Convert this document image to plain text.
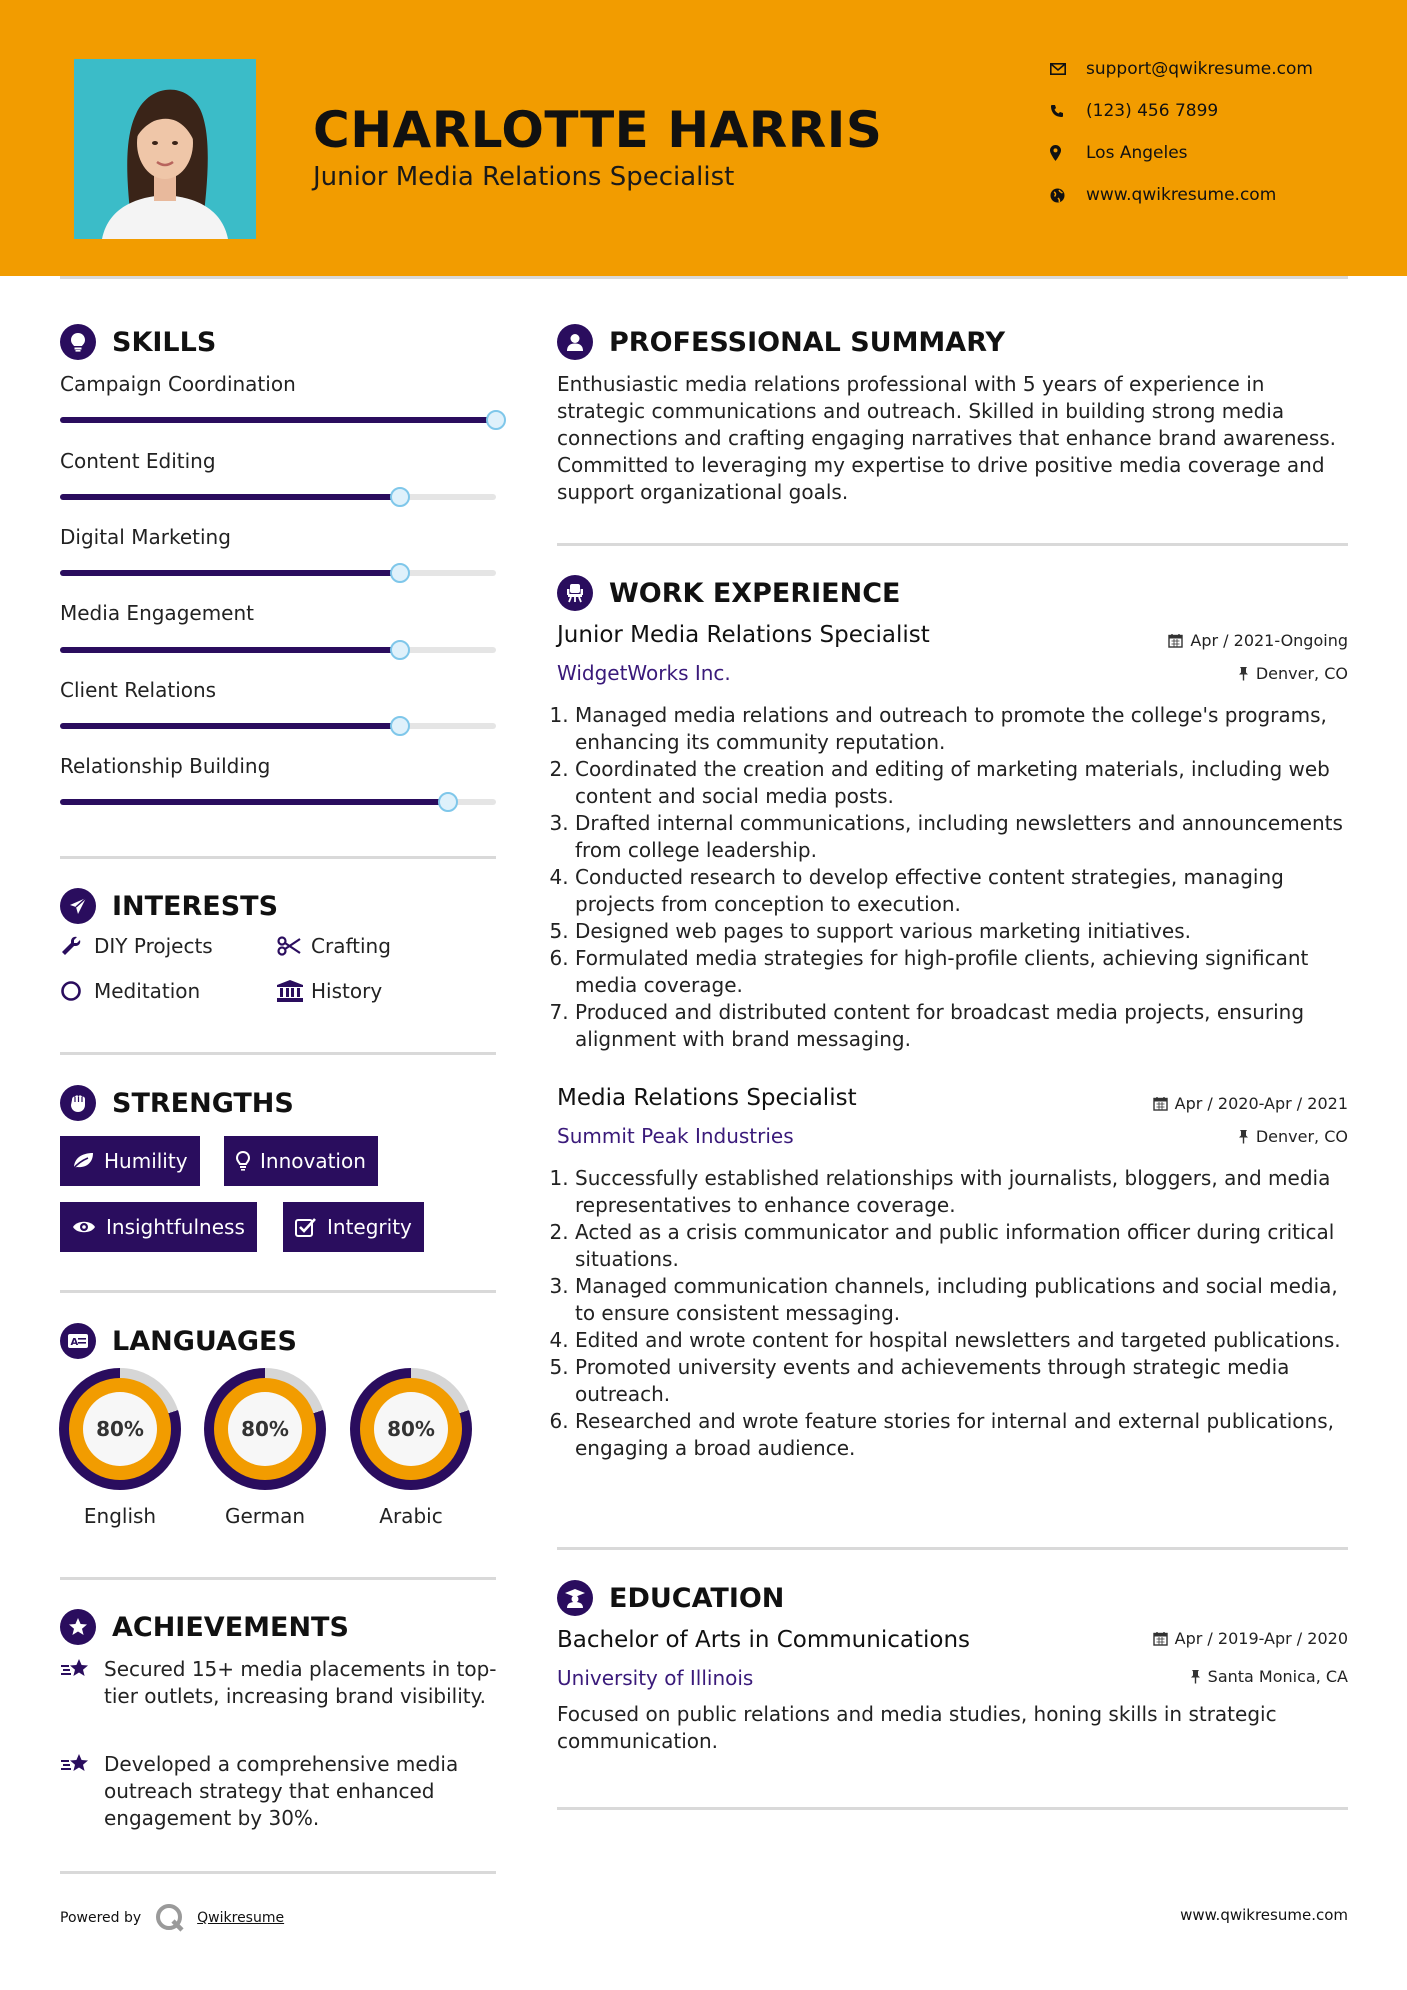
CHARLOTTE HARRIS
Junior Media Relations Specialist
support@qwikresume.com
(123) 456 7899
Los Angeles
www.qwikresume.com
SKILLS
Campaign Coordination
Content Editing
Digital Marketing
Media Engagement
Client Relations
Relationship Building
INTERESTS
DIY Projects	Crafting
Meditation	History
STRENGTHS
Humility	Innovation
Insightfulness	Integrity
A LANGUAGES
80%
English
80%
German
80%
Arabic
ACHIEVEMENTS
Secured 15+ media placements in top-tier outlets, increasing brand visibility.
Developed a comprehensive media outreach strategy that enhanced engagement by 30%.
PROFESSIONAL SUMMARY
Enthusiastic media relations professional with 5 years of experience in strategic communications and outreach. Skilled in building strong media connections and crafting engaging narratives that enhance brand awareness. Committed to leveraging my expertise to drive positive media coverage and support organizational goals.
WORK EXPERIENCE
Junior Media Relations Specialist	Apr / 2021-Ongoing
WidgetWorks Inc.	Denver, CO
1. Managed media relations and outreach to promote the college's programs, enhancing its community reputation.
2. Coordinated the creation and editing of marketing materials, including web content and social media posts.
3. Drafted internal communications, including newsletters and announcements from college leadership.
4. Conducted research to develop effective content strategies, managing projects from conception to execution.
5. Designed web pages to support various marketing initiatives.
6. Formulated media strategies for high-profile clients, achieving significant media coverage.
7. Produced and distributed content for broadcast media projects, ensuring alignment with brand messaging.
Media Relations Specialist	Apr / 2020-Apr / 2021
Summit Peak Industries	Denver, CO
1. Successfully established relationships with journalists, bloggers, and media representatives to enhance coverage.
2. Acted as a crisis communicator and public information officer during critical situations.
3. Managed communication channels, including publications and social media, to ensure consistent messaging.
4. Edited and wrote content for hospital newsletters and targeted publications.
5. Promoted university events and achievements through strategic media outreach.
6. Researched and wrote feature stories for internal and external publications, engaging a broad audience.
EDUCATION
Bachelor of Arts in Communications	Apr / 2019-Apr / 2020
University of Illinois	Santa Monica, CA
Focused on public relations and media studies, honing skills in strategic communication.
Powered by	Qwikresume	www.qwikresume.com
